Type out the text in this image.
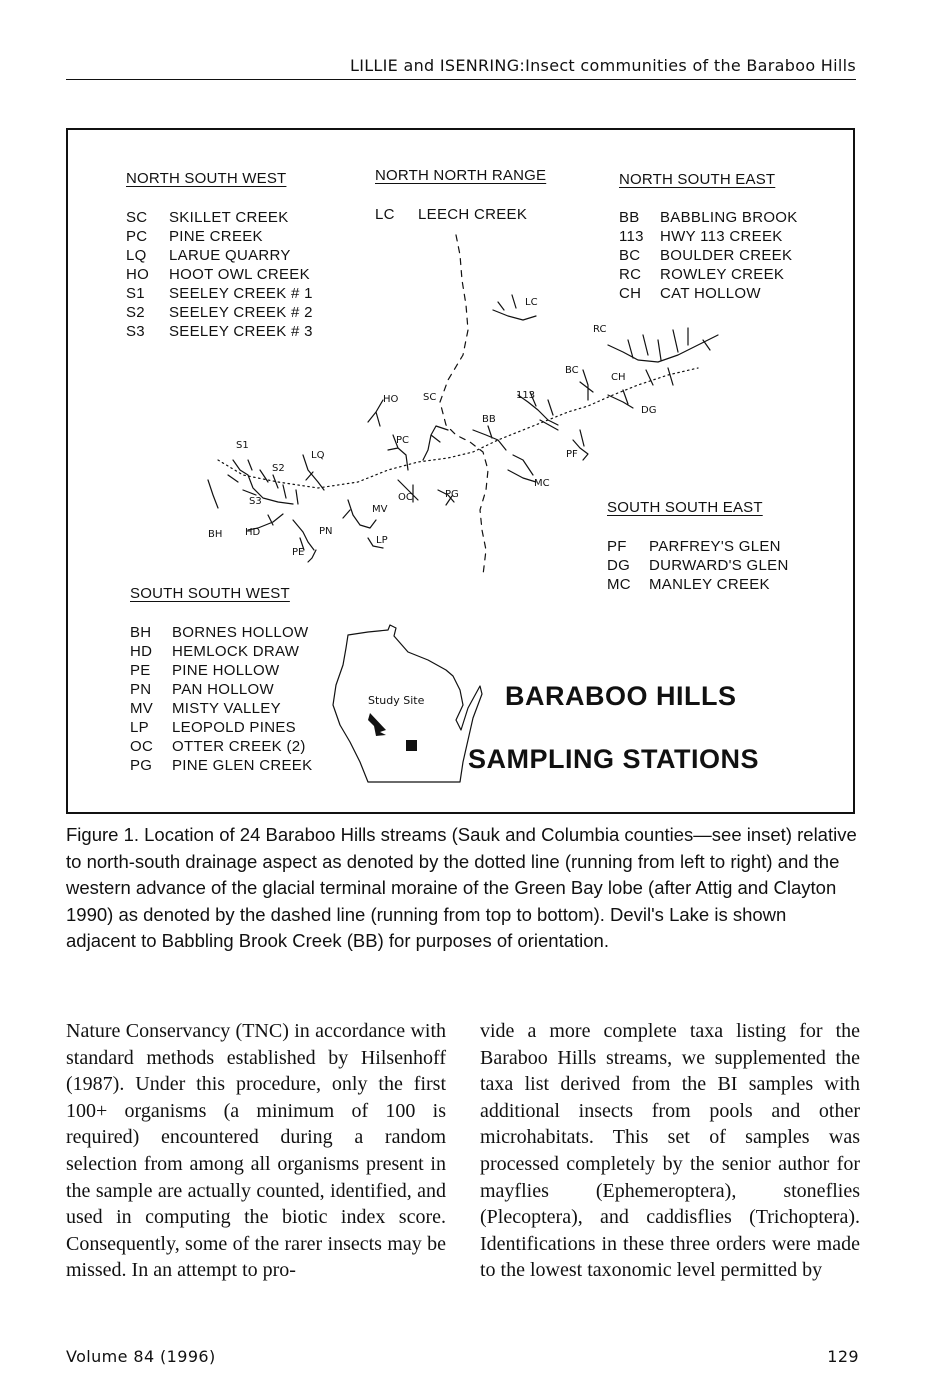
LILLIE and ISENRING:Insect communities of the Baraboo Hills
LC
RC
BC
CH
DG
HO SC	113
BB
PC
PF
S1
S2
LQ
MC
S3
MV
OC	PG
BH HD	PN
PE
LP
Study Site
NORTH SOUTH WEST
SC	SKILLET CREEK
PC	PINE CREEK
LQ	LARUE QUARRY
HO	HOOT OWL CREEK
S1	SEELEY CREEK # 1
S2	SEELEY CREEK # 2
S3	SEELEY CREEK # 3
NORTH NORTH RANGE
LC	LEECH CREEK
NORTH SOUTH EAST
BB	BABBLING BROOK
113	HWY 113 CREEK
BC	BOULDER CREEK
RC	ROWLEY CREEK
CH	CAT HOLLOW
SOUTH SOUTH EAST
PF	PARFREY'S GLEN
DG	DURWARD'S GLEN
MC	MANLEY CREEK
SOUTH SOUTH WEST
BH	BORNES HOLLOW
HD	HEMLOCK DRAW
PE	PINE HOLLOW
PN	PAN HOLLOW
MV	MISTY VALLEY
LP	LEOPOLD PINES
OC	OTTER CREEK (2)
PG	PINE GLEN CREEK
BARABOO HILLS
SAMPLING STATIONS
Figure 1. Location of 24 Baraboo Hills streams (Sauk and Columbia counties—see inset) relative to north-south drainage aspect as denoted by the dotted line (running from left to right) and the western advance of the glacial terminal moraine of the Green Bay lobe (after Attig and Clayton 1990) as denoted by the dashed line (running from top to bottom). Devil's Lake is shown adjacent to Babbling Brook Creek (BB) for purposes of orientation.
Nature Conservancy (TNC) in accordance with standard methods established by Hilsenhoff (1987). Under this procedure, only the first 100+ organisms (a minimum of 100 is required) encountered during a random selection from among all organisms present in the sample are actually counted, identified, and used in computing the biotic index score. Consequently, some of the rarer insects may be missed. In an attempt to pro-
vide a more complete taxa listing for the Baraboo Hills streams, we supplemented the taxa list derived from the BI samples with additional insects from pools and other microhabitats. This set of samples was processed completely by the senior author for mayflies (Ephemeroptera), stoneflies (Plecoptera), and caddisflies (Trichoptera). Identifications in these three orders were made to the lowest taxonomic level permitted by
Volume 84 (1996)	129
